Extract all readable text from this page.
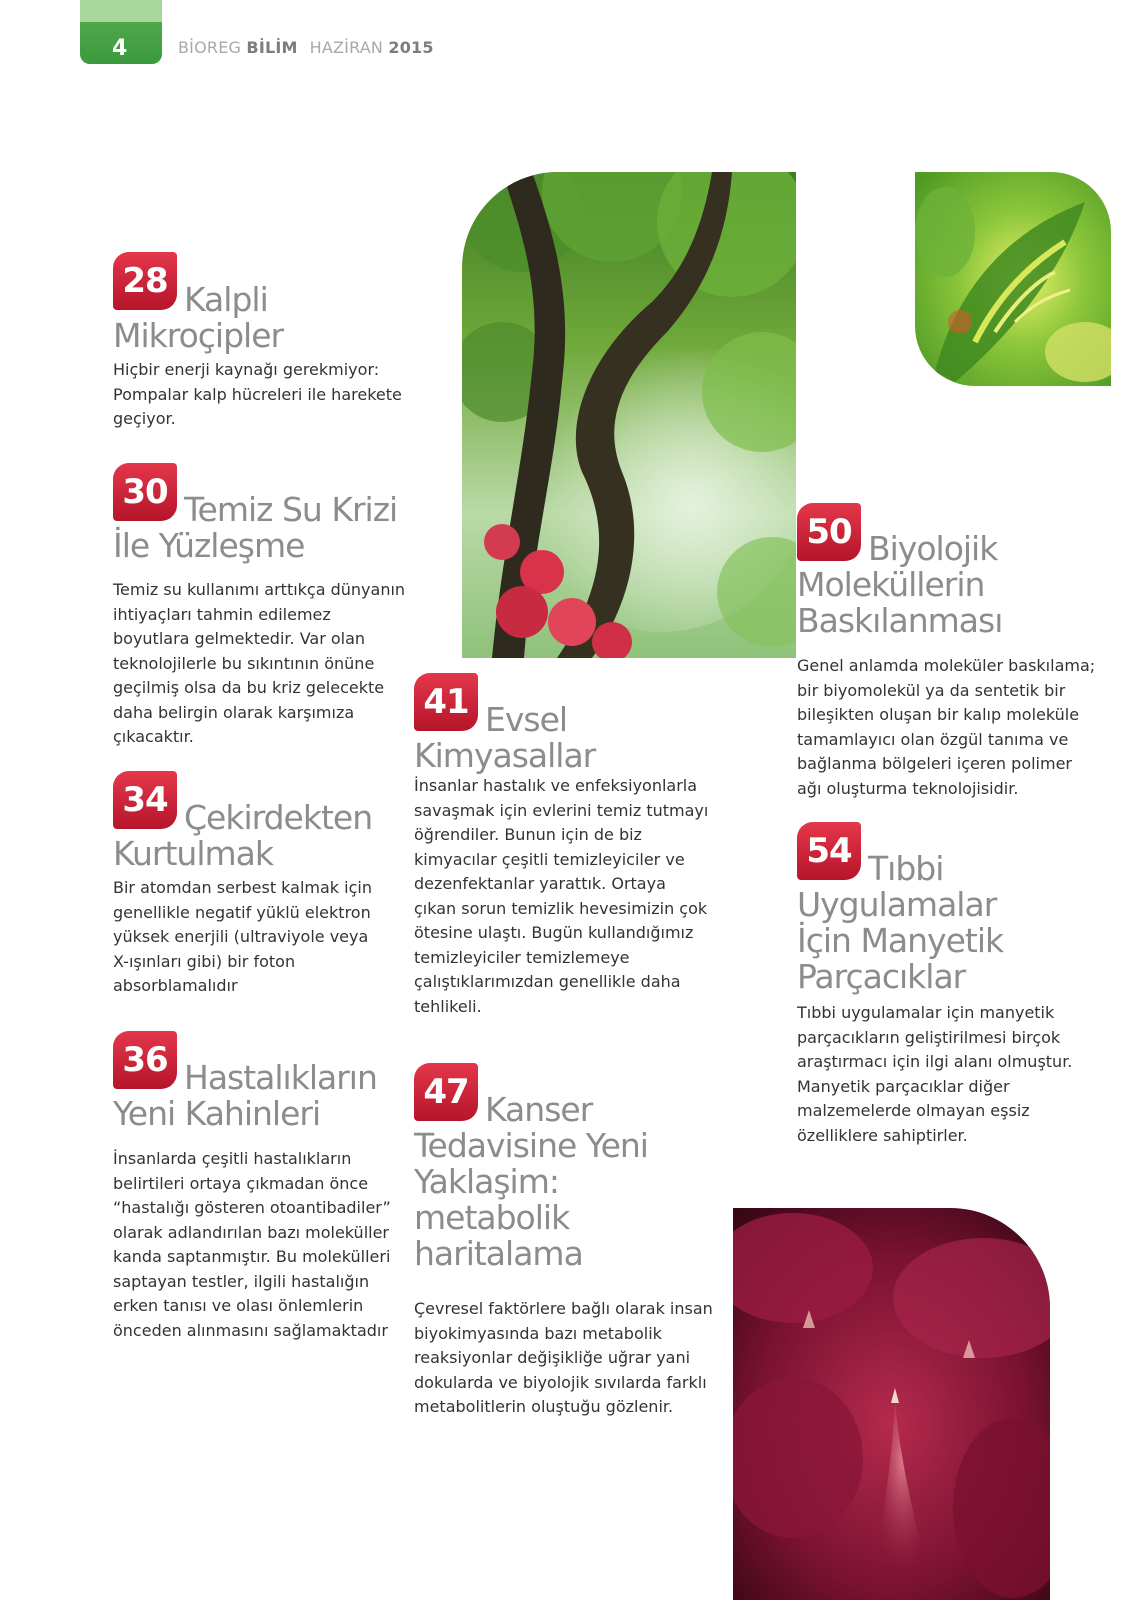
4	BİOREG BİLİM HAZİRAN 2015
28 Kalpli
Mikroçipler
Hiçbir enerji kaynağı gerekmiyor: Pompalar kalp hücreleri ile harekete geçiyor.
30 Temiz Su Krizi
İle Yüzleşme
Temiz su kullanımı arttıkça dünyanın ihtiyaçları tahmin edilemez boyutlara gelmektedir. Var olan teknolojilerle bu sıkıntının önüne geçilmiş olsa da bu kriz gelecekte daha belirgin olarak karşımıza çıkacaktır.
34 Çekirdekten
Kurtulmak
Bir atomdan serbest kalmak için genellikle negatif yüklü elektron yüksek enerjili (ultraviyole veya X-ışınları gibi) bir foton absorblamalıdır
36 Hastalıkların
Yeni Kahinleri
İnsanlarda çeşitli hastalıkların belirtileri ortaya çıkmadan önce “hastalığı gösteren otoantibadiler” olarak adlandırılan bazı moleküller kanda saptanmıştır. Bu molekülleri saptayan testler, ilgili hastalığın erken tanısı ve olası önlemlerin önceden alınmasını sağlamaktadır
41 Evsel
Kimyasallar
İnsanlar hastalık ve enfeksiyonlarla savaşmak için evlerini temiz tutmayı öğrendiler. Bunun için de biz kimyacılar çeşitli temizleyiciler ve dezenfektanlar yarattık. Ortaya çıkan sorun temizlik hevesimizin çok ötesine ulaştı. Bugün kullandığımız temizleyiciler temizlemeye çalıştıklarımızdan genellikle daha tehlikeli.
47 Kanser
Tedavisine Yeni
Yaklaşim:
metabolik
haritalama
Çevresel faktörlere bağlı olarak insan biyokimyasında bazı metabolik reaksiyonlar değişikliğe uğrar yani dokularda ve biyolojik sıvılarda farklı metabolitlerin oluştuğu gözlenir.
50 Biyolojik
Moleküllerin
Baskılanması
Genel anlamda moleküler baskılama; bir biyomolekül ya da sentetik bir bileşikten oluşan bir kalıp moleküle tamamlayıcı olan özgül tanıma ve bağlanma bölgeleri içeren polimer ağı oluşturma teknolojisidir.
54 Tıbbi
Uygulamalar
İçin Manyetik
Parçacıklar
Tıbbi uygulamalar için manyetik parçacıkların geliştirilmesi birçok araştırmacı için ilgi alanı olmuştur. Manyetik parçacıklar diğer malzemelerde olmayan eşsiz özelliklere sahiptirler.
